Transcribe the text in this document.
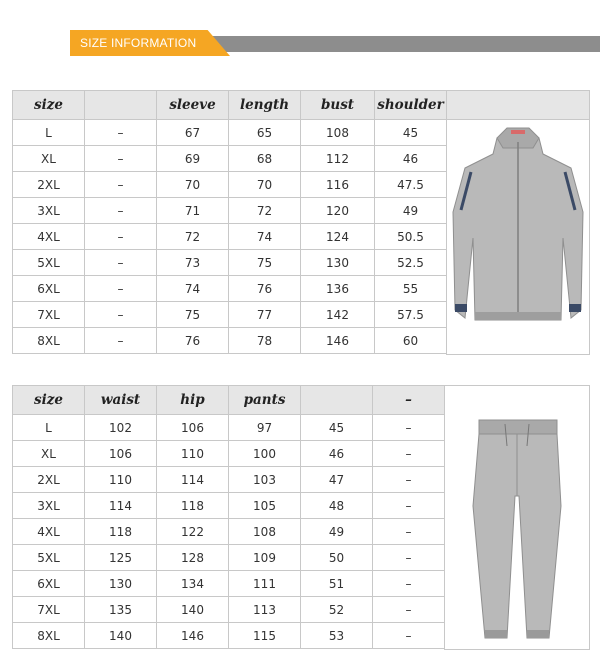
SIZE INFORMATION
size		sleeve	length	bust	shoulder
L	–	67	65	108	45
XL	–	69	68	112	46
2XL	–	70	70	116	47.5
3XL	–	71	72	120	49
4XL	–	72	74	124	50.5
5XL	–	73	75	130	52.5
6XL	–	74	76	136	55
7XL	–	75	77	142	57.5
8XL	–	76	78	146	60
size	waist	hip	pants		–
L	102	106	97	45	–
XL	106	110	100	46	–
2XL	110	114	103	47	–
3XL	114	118	105	48	–
4XL	118	122	108	49	–
5XL	125	128	109	50	–
6XL	130	134	111	51	–
7XL	135	140	113	52	–
8XL	140	146	115	53	–
